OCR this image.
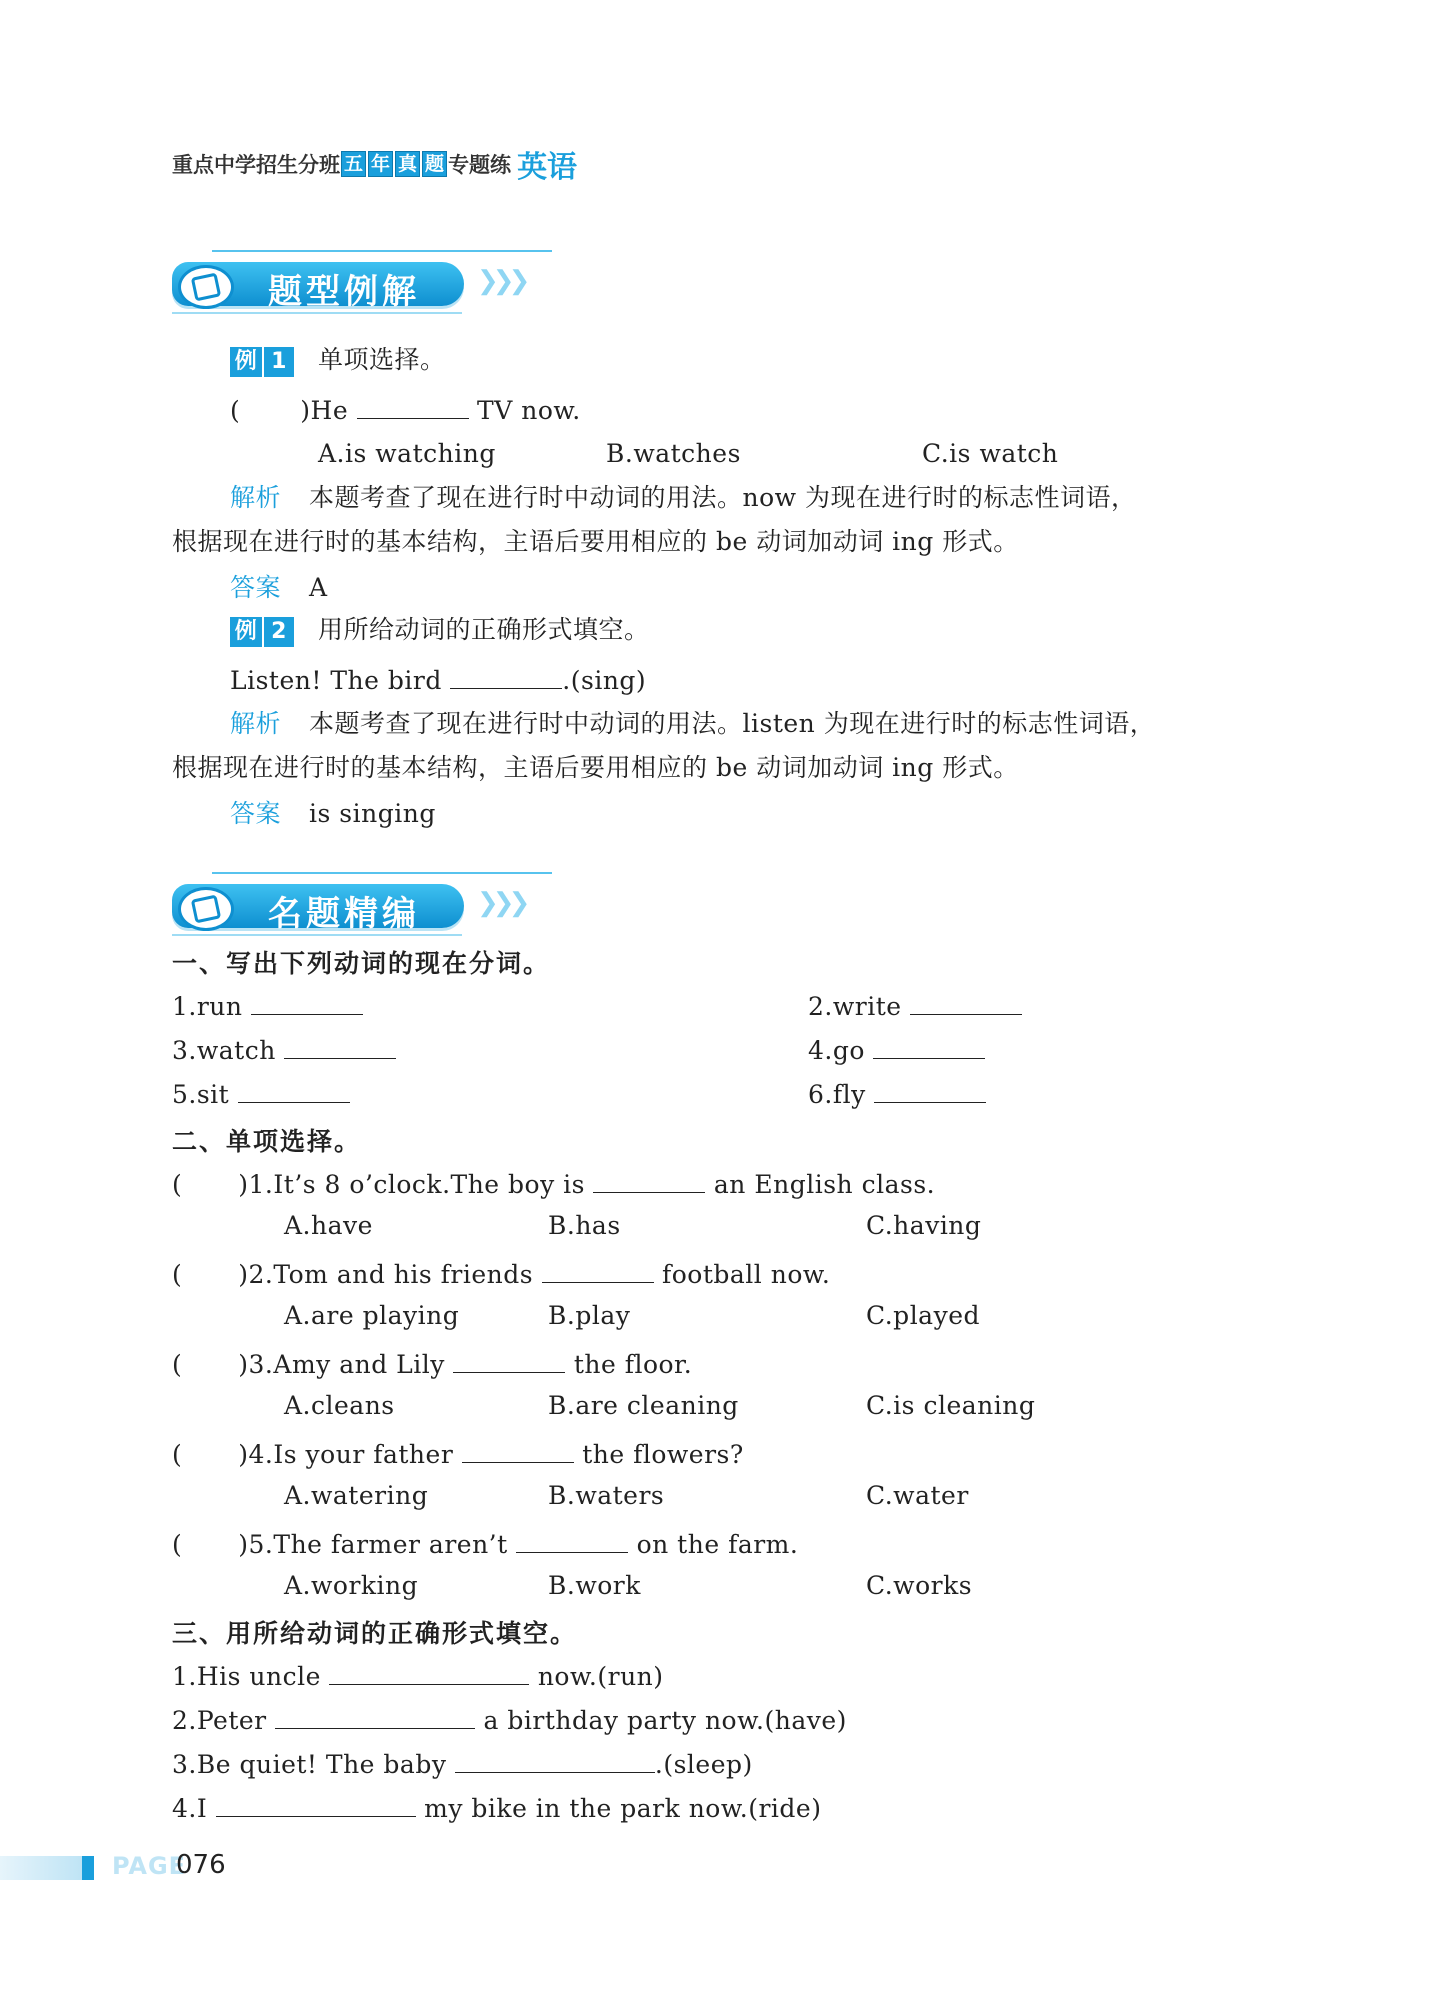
重点中学招生分班 五 年 真 题 专题练 英语
题型例解 ❯❯❯
例 1 单项选择。
( )He	TV now.
A.is watching	B.watches	C.is watch
解析 本题考查了现在进行时中动词的用法。now 为现在进行时的标志性词语，
根据现在进行时的基本结构，主语后要用相应的 be 动词加动词 ing 形式。
答案 A
例 2 用所给动词的正确形式填空。
Listen! The bird	.(sing)
解析 本题考查了现在进行时中动词的用法。listen 为现在进行时的标志性词语，
根据现在进行时的基本结构，主语后要用相应的 be 动词加动词 ing 形式。
答案 is singing
名题精编 ❯❯❯
一、写出下列动词的现在分词。
1.run	2.write
3.watch	4.go
5.sit	6.fly
二、单项选择。
( )1.It’s 8 o’clock.The boy is	an English class.
A.have	B.has	C.having
( )2.Tom and his friends	football now.
A.are playing	B.play	C.played
( )3.Amy and Lily	the floor.
A.cleans	B.are cleaning	C.is cleaning
( )4.Is your father	the flowers?
A.watering	B.waters	C.water
( )5.The farmer aren’t	on the farm.
A.working	B.work	C.works
三、用所给动词的正确形式填空。
1.His uncle	now.(run)
2.Peter	a birthday party now.(have)
3.Be quiet! The baby	.(sleep)
4.I	my bike in the park now.(ride)
PAGE
076
